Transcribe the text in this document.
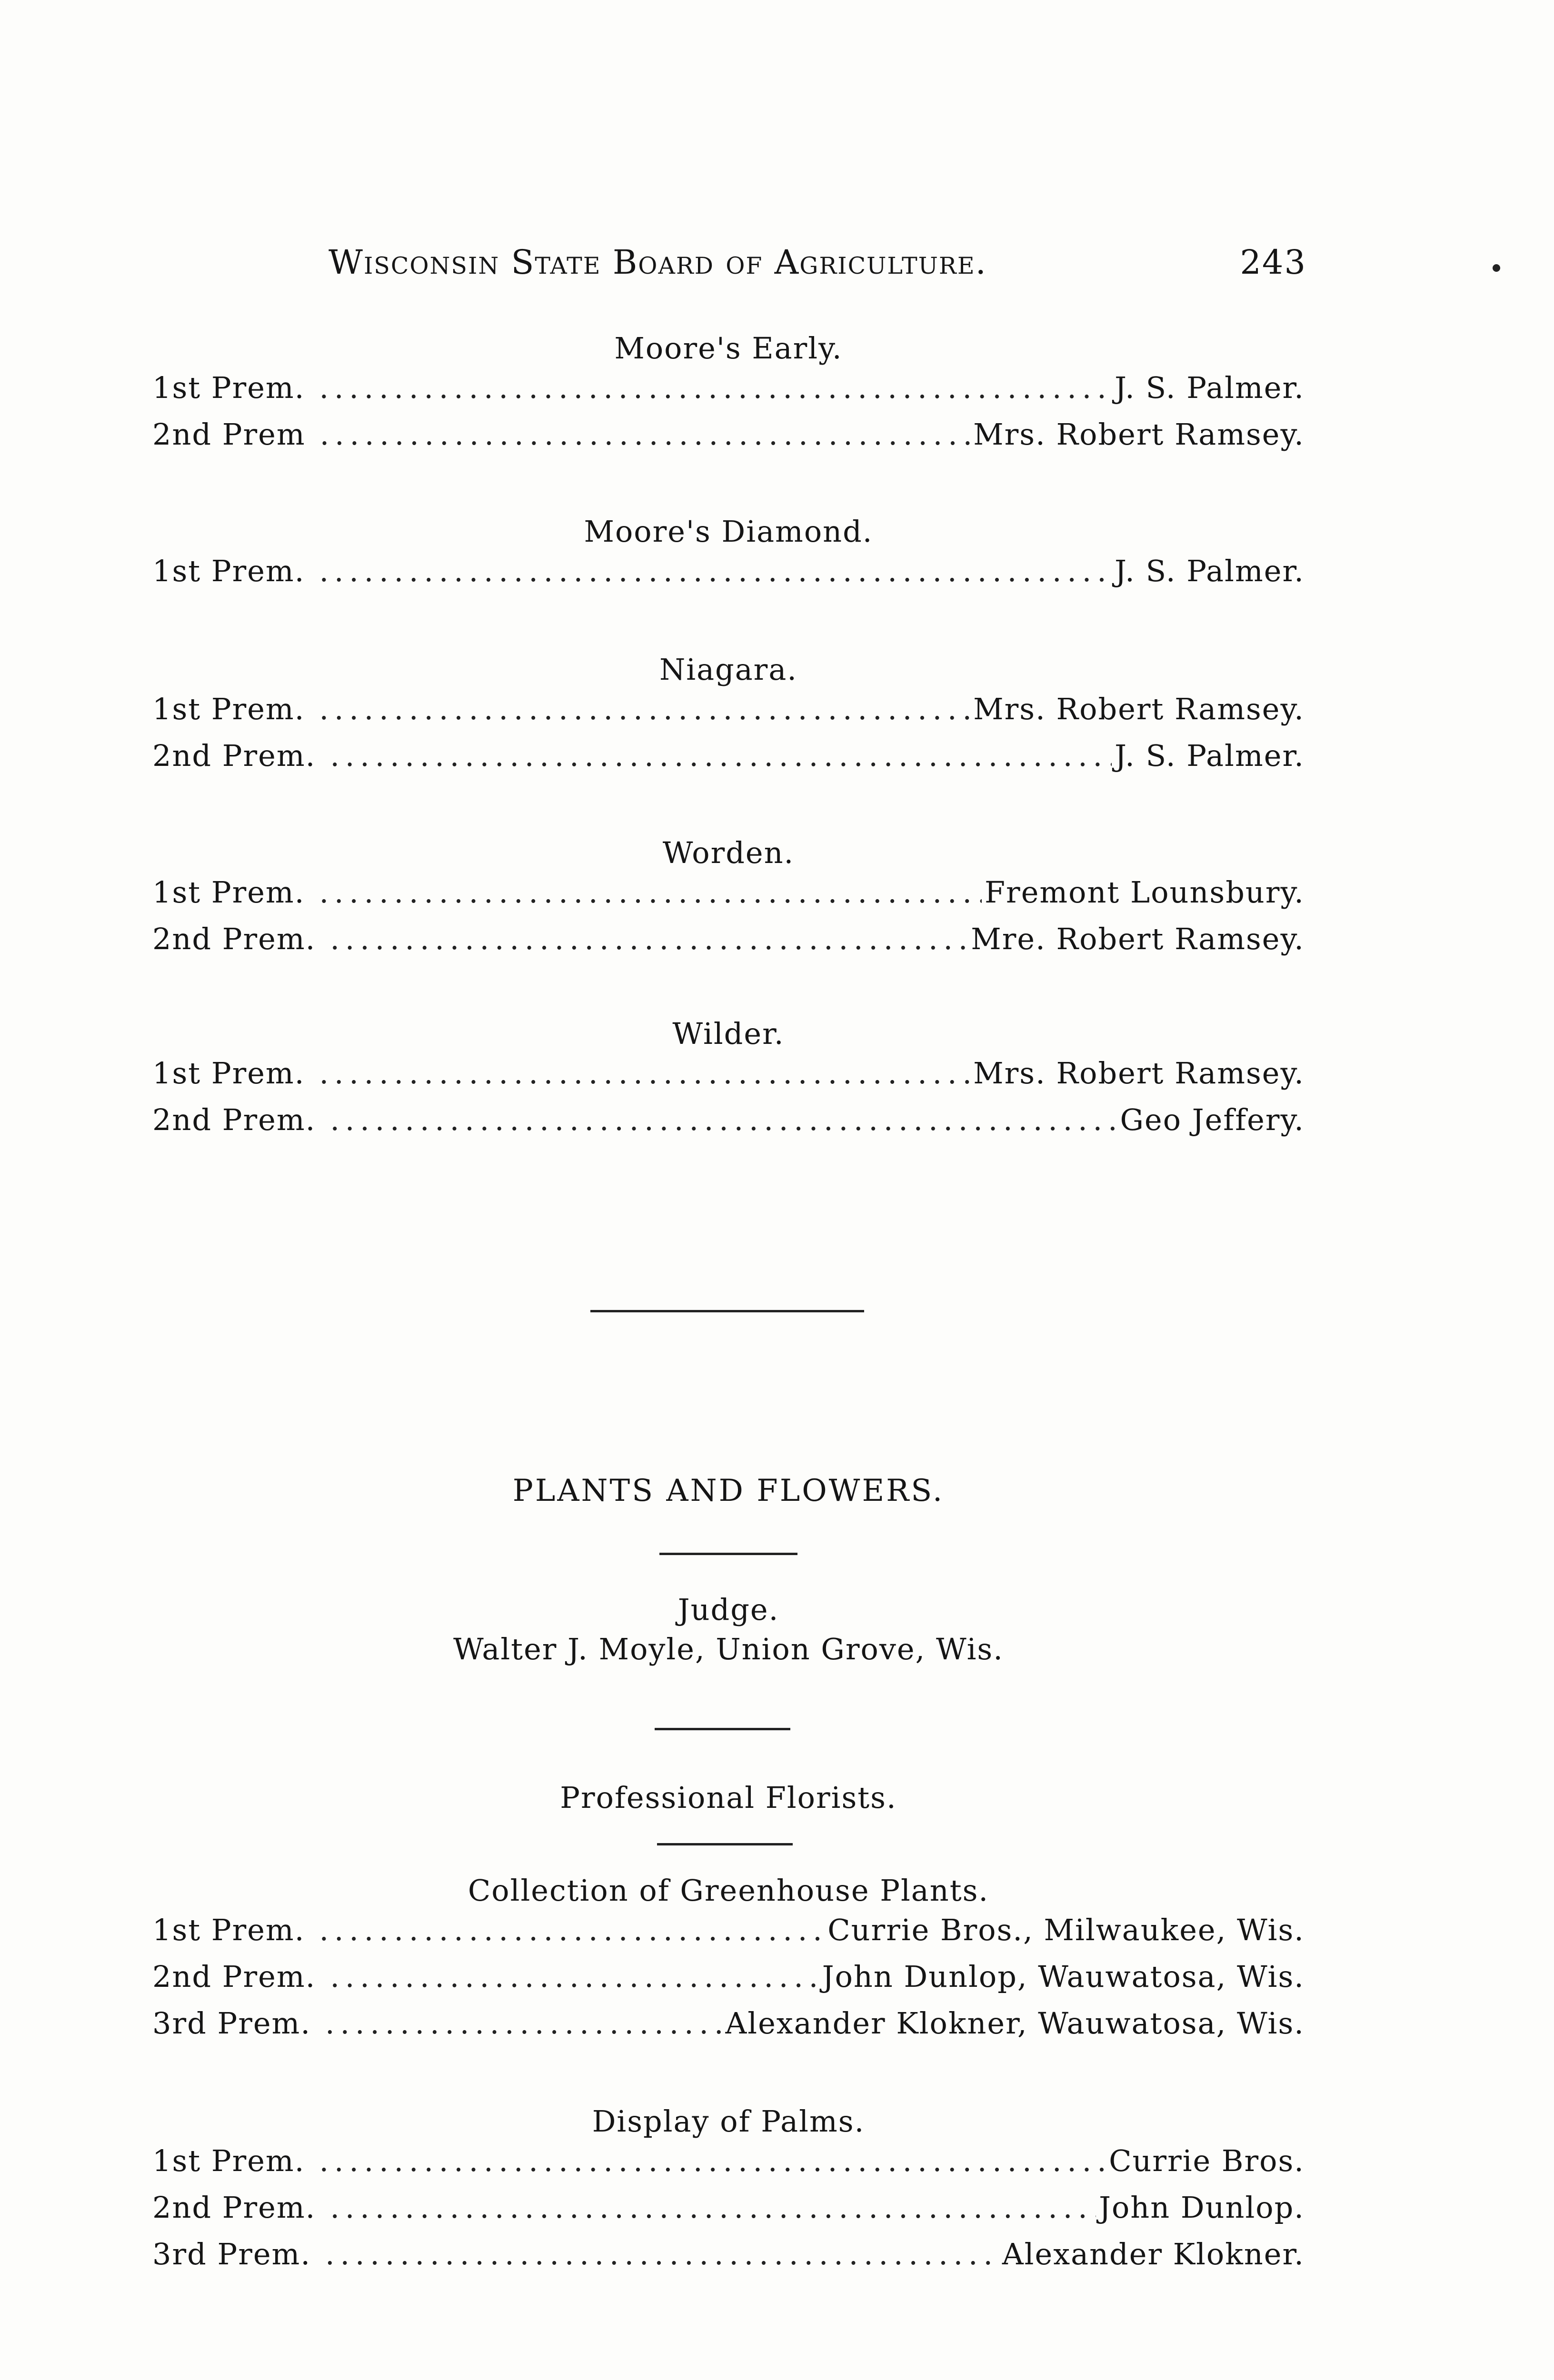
Wisconsin State Board of Agriculture.	243
Moore's Early.
1st Prem. . . .	J. S. Palmer.
2nd Prem . . .	Mrs. Robert Ramsey.
Moore's Diamond.
1st Prem. . . .	J. S. Palmer.
Niagara.
1st Prem. . . .	Mrs. Robert Ramsey.
2nd Prem. . . .	J. S. Palmer.
Worden.
1st Prem. . . .	Fremont Lounsbury.
2nd Prem. . . .	Mre. Robert Ramsey.
Wilder.
1st Prem. . . .	Mrs. Robert Ramsey.
2nd Prem. . . .	Geo Jeffery.
PLANTS AND FLOWERS.
Judge.
Walter J. Moyle, Union Grove, Wis.
Professional Florists.
Collection of Greenhouse Plants.
1st Prem. . . .	Currie Bros., Milwaukee, Wis.
2nd Prem. . . .	John Dunlop, Wauwatosa, Wis.
3rd Prem. . . .	Alexander Klokner, Wauwatosa, Wis.
Display of Palms.
1st Prem. . . .	Currie Bros.
2nd Prem. . . .	John Dunlop.
3rd Prem. . . .	Alexander Klokner.
